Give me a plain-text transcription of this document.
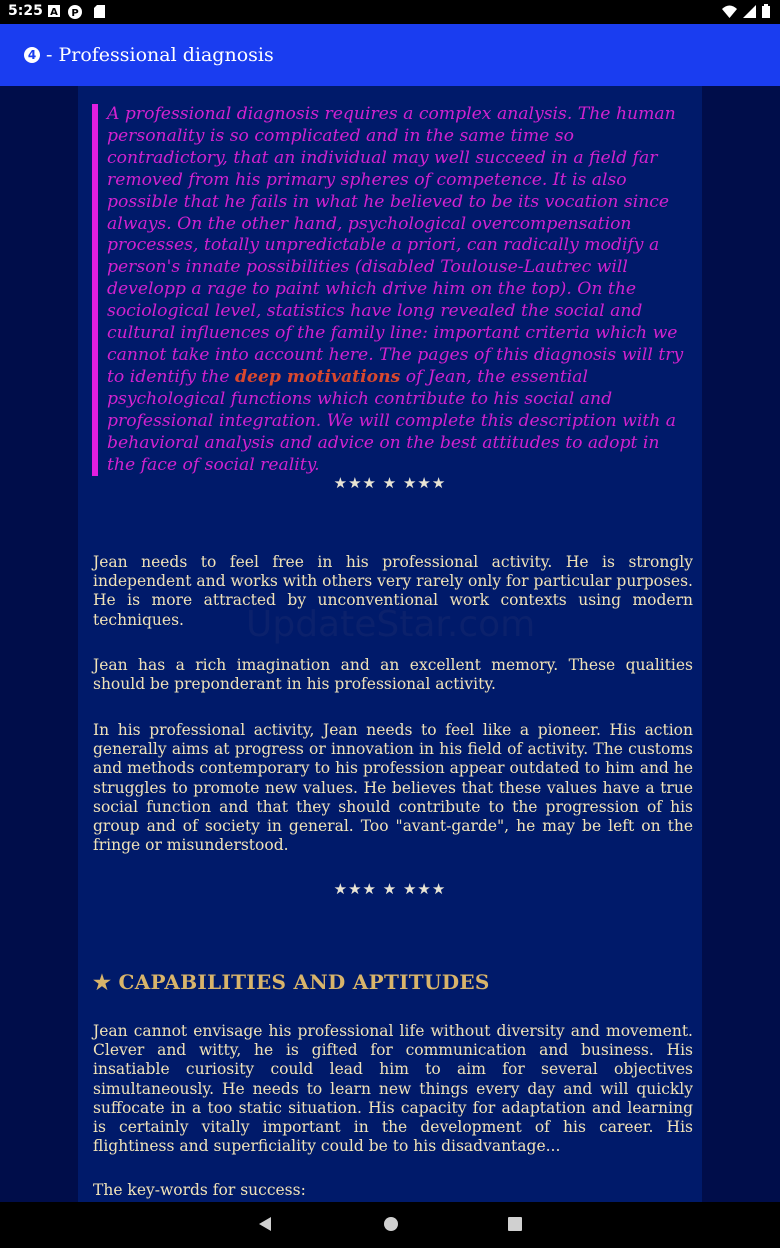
5:25 A P
4 - Professional diagnosis
A professional diagnosis requires a complex analysis. The human personality is so complicated and in the same time so contradictory, that an individual may well succeed in a field far removed from his primary spheres of competence. It is also possible that he fails in what he believed to be its vocation since always. On the other hand, psychological overcompensation processes, totally unpredictable a priori, can radically modify a person's innate possibilities (disabled Toulouse-Lautrec will developp a rage to paint which drive him on the top). On the sociological level, statistics have long revealed the social and cultural influences of the family line: important criteria which we cannot take into account here. The pages of this diagnosis will try to identify the deep motivations of Jean, the essential psychological functions which contribute to his social and professional integration. We will complete this description with a behavioral analysis and advice on the best attitudes to adopt in the face of social reality.
★★★ ★ ★★★
Jean needs to feel free in his professional activity. He is strongly independent and works with others very rarely only for particular purposes. He is more attracted by unconventional work contexts using modern techniques.	UpdateStar.com
Jean has a rich imagination and an excellent memory. These qualities should be preponderant in his professional activity.
In his professional activity, Jean needs to feel like a pioneer. His action generally aims at progress or innovation in his field of activity. The customs and methods contemporary to his profession appear outdated to him and he struggles to promote new values. He believes that these values have a true social function and that they should contribute to the progression of his group and of society in general. Too "avant-garde", he may be left on the fringe or misunderstood.
★★★ ★ ★★★
★ CAPABILITIES AND APTITUDES
Jean cannot envisage his professional life without diversity and movement. Clever and witty, he is gifted for communication and business. His insatiable curiosity could lead him to aim for several objectives simultaneously. He needs to learn new things every day and will quickly suffocate in a too static situation. His capacity for adaptation and learning is certainly vitally important in the development of his career. His flightiness and superficiality could be to his disadvantage...
The key-words for success:
